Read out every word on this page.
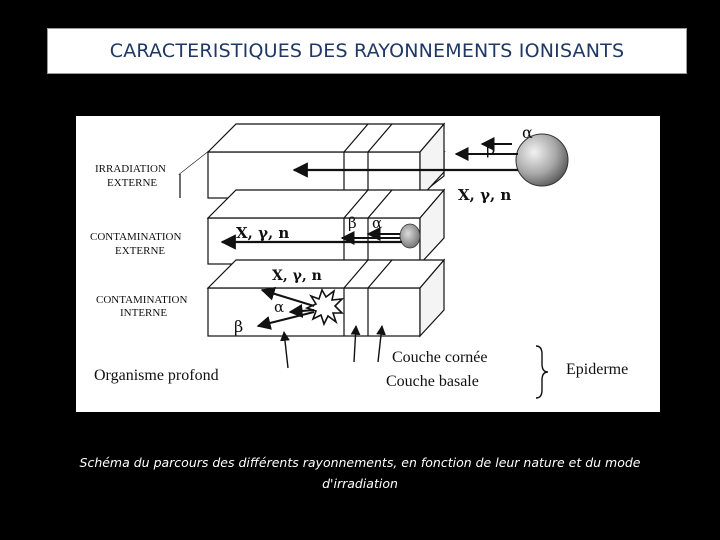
CARACTERISTIQUES DES RAYONNEMENTS IONISANTS
IRRADIATION
EXTERNE
CONTAMINATION
EXTERNE
CONTAMINATION
INTERNE
α
β
X, γ, n
α
β
X, γ, n
X, γ, n
α
β
Organisme profond
Couche cornée
Couche basale
Epiderme
Schéma du parcours des différents rayonnements, en fonction de leur nature et du mode
d'irradiation
